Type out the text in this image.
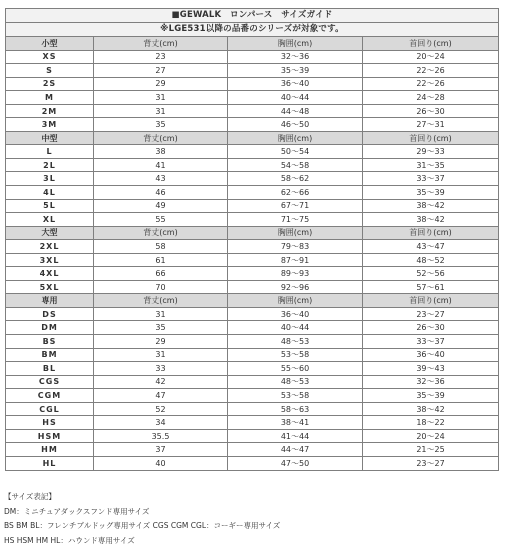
■GEWALK　ロンパース　サイズガイド			
※LGE531以降の品番のシリーズが対象です。			
小型	背丈(cm)	胸囲(cm)	首回り(cm)
XS	23	32～36	20～24
S	27	35～39	22～26
2S	29	36～40	22～26
M	31	40～44	24～28
2M	31	44～48	26～30
3M	35	46～50	27～31
中型	背丈(cm)	胸囲(cm)	首回り(cm)
L	38	50～54	29～33
2L	41	54～58	31～35
3L	43	58～62	33～37
4L	46	62～66	35～39
5L	49	67～71	38～42
XL	55	71～75	38～42
大型	背丈(cm)	胸囲(cm)	首回り(cm)
2XL	58	79～83	43～47
3XL	61	87～91	48～52
4XL	66	89～93	52～56
5XL	70	92～96	57～61
専用	背丈(cm)	胸囲(cm)	首回り(cm)
DS	31	36～40	23～27
DM	35	40～44	26～30
BS	29	48～53	33～37
BM	31	53～58	36～40
BL	33	55～60	39～43
CGS	42	48～53	32～36
CGM	47	53～58	35～39
CGL	52	58～63	38～42
HS	34	38～41	18～22
HSM	35.5	41～44	20～24
HM	37	44～47	21～25
HL	40	47～50	23～27
【サイズ表記】
DM：ミニチュアダックスフンド専用サイズ
BS BM BL：フレンチブルドッグ専用サイズ CGS CGM CGL：コーギー専用サイズ
HS HSM HM HL：ハウンド専用サイズ
